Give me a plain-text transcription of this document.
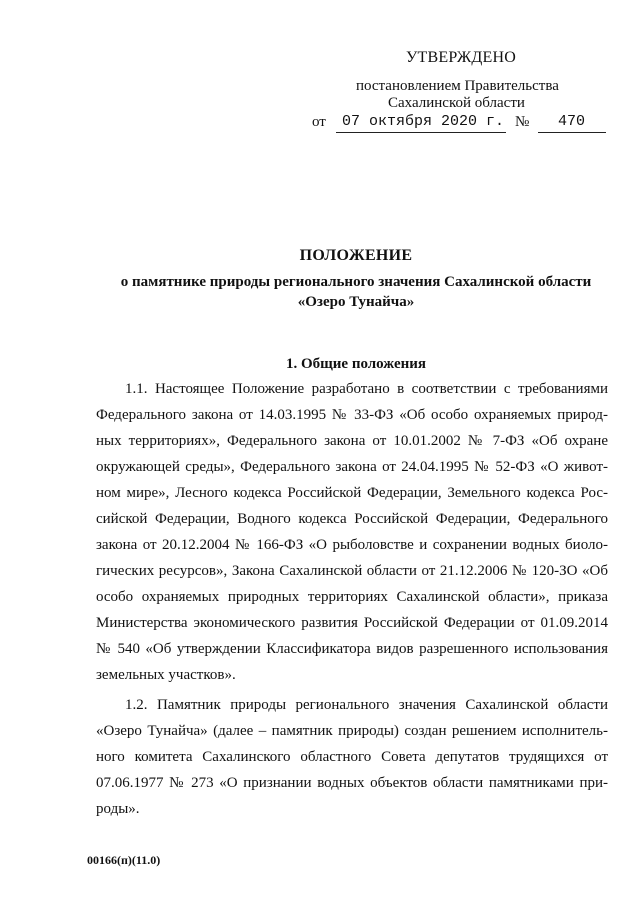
УТВЕРЖДЕНО
постановлением Правительства
Сахалинской области
от	07 октября 2020 г. №	470
ПОЛОЖЕНИЕ
о памятнике природы регионального значения Сахалинской области
«Озеро Тунайча»
1. Общие положения
1.1. Настоящее Положение разработано в соответствии с требованиями
Федерального закона от 14.03.1995 № 33-ФЗ «Об особо охраняемых природ-
ных территориях», Федерального закона от 10.01.2002 № 7-ФЗ «Об охране
окружающей среды», Федерального закона от 24.04.1995 № 52-ФЗ «О живот-
ном мире», Лесного кодекса Российской Федерации, Земельного кодекса Рос-
сийской Федерации, Водного кодекса Российской Федерации, Федерального
закона от 20.12.2004 № 166-ФЗ «О рыболовстве и сохранении водных биоло-
гических ресурсов», Закона Сахалинской области от 21.12.2006 № 120-ЗО «Об
особо охраняемых природных территориях Сахалинской области», приказа
Министерства экономического развития Российской Федерации от 01.09.2014
№ 540 «Об утверждении Классификатора видов разрешенного использования
земельных участков».
1.2. Памятник природы регионального значения Сахалинской области
«Озеро Тунайча» (далее – памятник природы) создан решением исполнитель-
ного комитета Сахалинского областного Совета депутатов трудящихся от
07.06.1977 № 273 «О признании водных объектов области памятниками при-
роды».
00166(п)(11.0)
